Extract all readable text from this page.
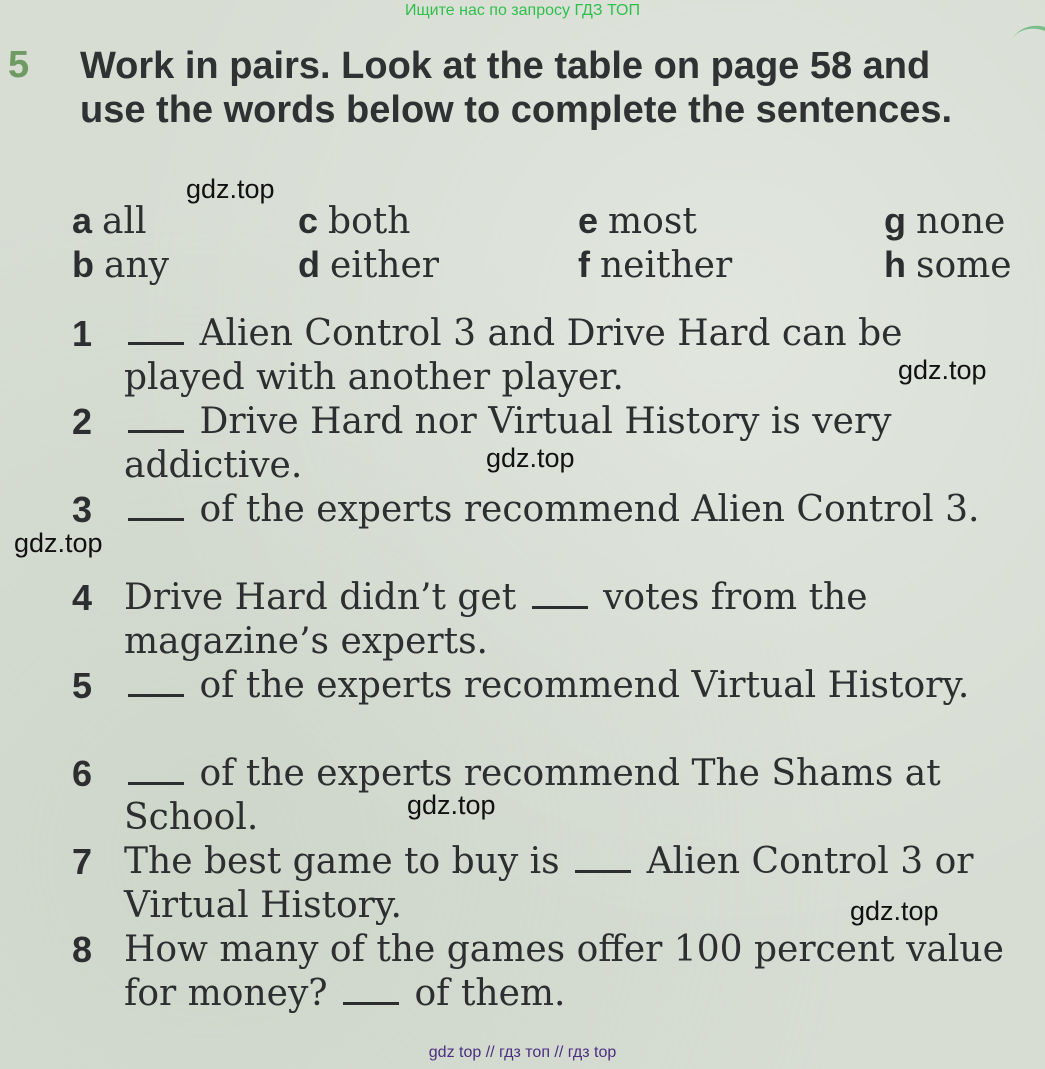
Ищите нас по запросу ГДЗ ТОП
5 Work in pairs. Look at the table on page 58 and use the words below to complete the sentences.
gdz.top
gdz.top
gdz.top
gdz.top
gdz.top
gdz.top
a all
b any
c both
d either
e most
f neither
g none
h some
1	Alien Control 3 and Drive Hard can be played with another player.
2	Drive Hard nor Virtual History is very addictive.
3	of the experts recommend Alien Control 3.
4 Drive Hard didn’t get votes from the magazine’s experts.
5	of the experts recommend Virtual History.
6	of the experts recommend The Shams at School.
7 The best game to buy is Alien Control 3 or Virtual History.
8 How many of the games offer 100 percent value for money? of them.
gdz top // гдз топ // гдз top
